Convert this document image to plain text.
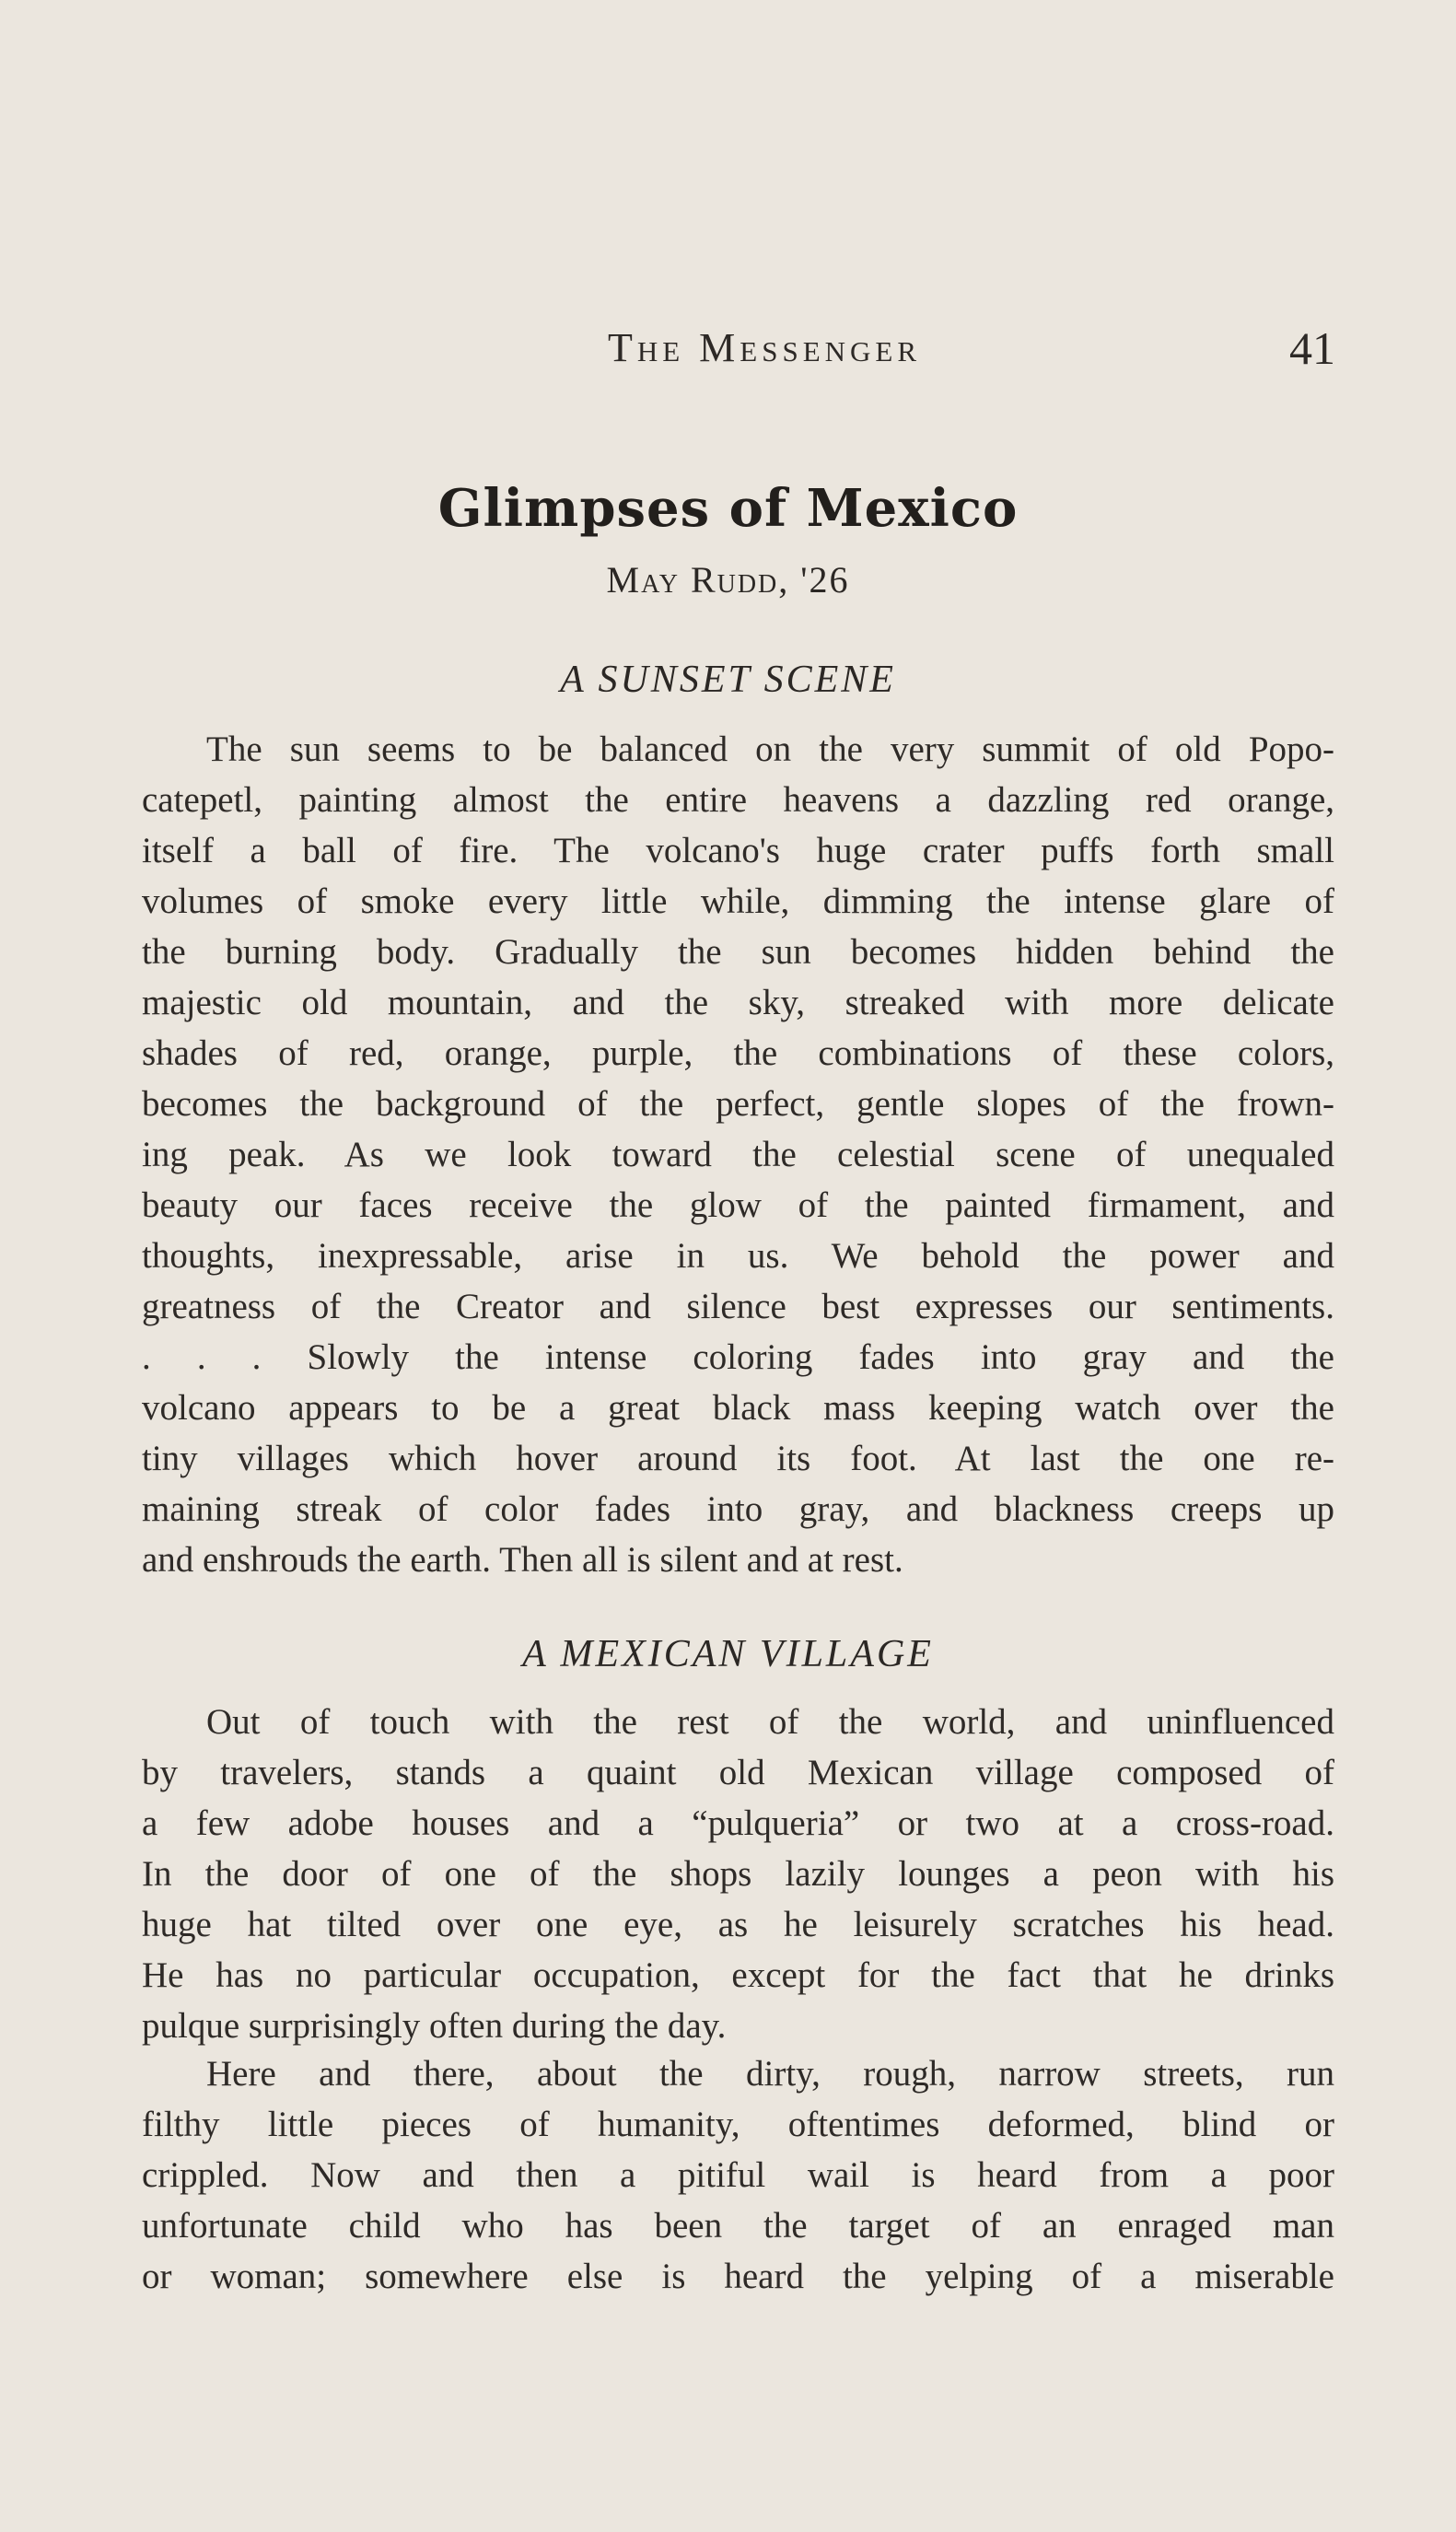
The Messenger	41
Glimpses of Mexico
May Rudd, '26
A SUNSET SCENE

The sun seems to be balanced on the very summit of old Popo-
catepetl, painting almost the entire heavens a dazzling red orange,
itself a ball of fire. The volcano's huge crater puffs forth small
volumes of smoke every little while, dimming the intense glare of
the burning body. Gradually the sun becomes hidden behind the
majestic old mountain, and the sky, streaked with more delicate
shades of red, orange, purple, the combinations of these colors,
becomes the background of the perfect, gentle slopes of the frown-
ing peak. As we look toward the celestial scene of unequaled
beauty our faces receive the glow of the painted firmament, and
thoughts, inexpressable, arise in us. We behold the power and
greatness of the Creator and silence best expresses our sentiments.
. . . Slowly the intense coloring fades into gray and the
volcano appears to be a great black mass keeping watch over the
tiny villages which hover around its foot. At last the one re-
maining streak of color fades into gray, and blackness creeps up
and enshrouds the earth. Then all is silent and at rest.

A MEXICAN VILLAGE

Out of touch with the rest of the world, and uninfluenced
by travelers, stands a quaint old Mexican village composed of
a few adobe houses and a “pulqueria” or two at a cross-road.
In the door of one of the shops lazily lounges a peon with his
huge hat tilted over one eye, as he leisurely scratches his head.
He has no particular occupation, except for the fact that he drinks
pulque surprisingly often during the day.

Here and there, about the dirty, rough, narrow streets, run
filthy little pieces of humanity, oftentimes deformed, blind or
crippled. Now and then a pitiful wail is heard from a poor
unfortunate child who has been the target of an enraged man
or woman; somewhere else is heard the yelping of a miserable
